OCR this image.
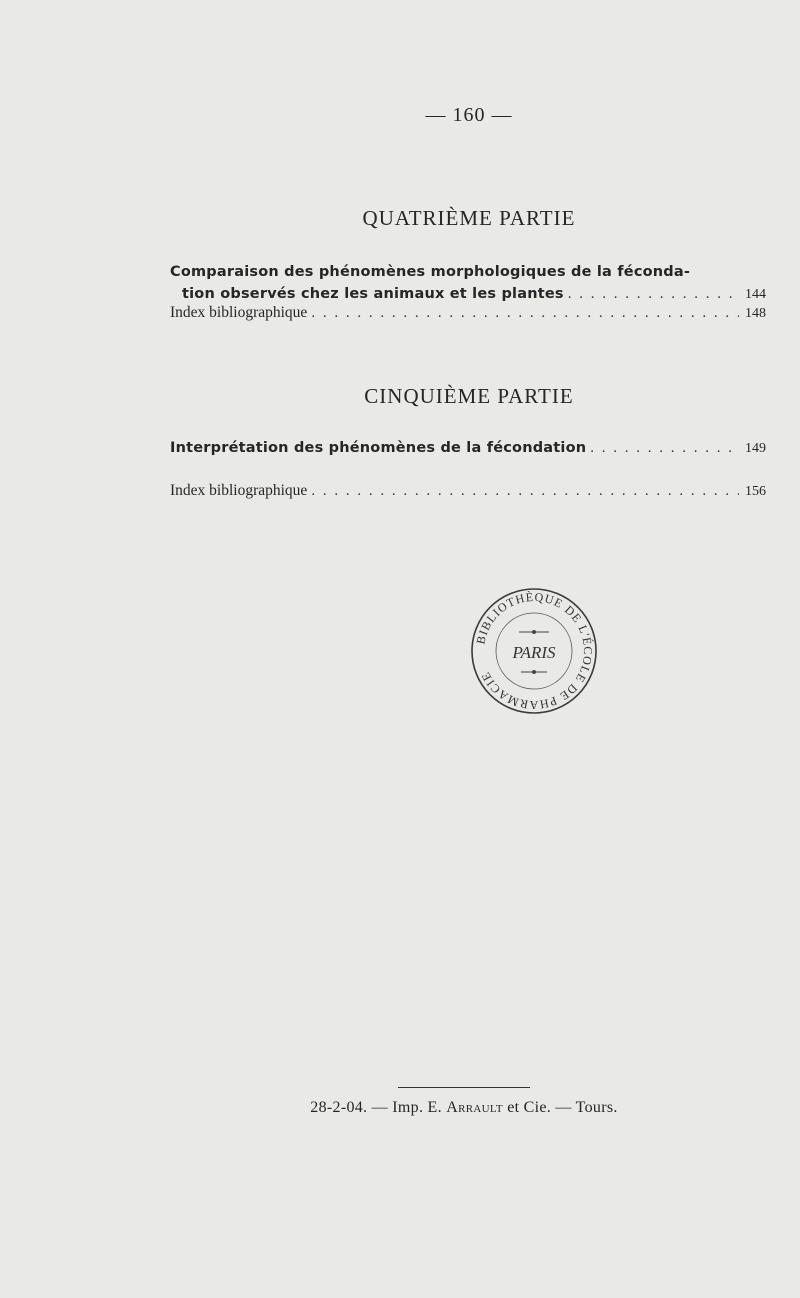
— 160 —
QUATRIÈME PARTIE
Comparaison des phénomènes morphologiques de la féconda-
tion observés chez les animaux et les plantes . . .	144
Index bibliographique . . .	148
CINQUIÈME PARTIE
Interprétation des phénomènes de la fécondation . . .	149
Index bibliographique . . .	156
BIBLIOTHÈQUE DE L'ÉCOLE DE PHARMACIE
PARIS
28-2-04. — Imp. E. Arrault et Cie. — Tours.
